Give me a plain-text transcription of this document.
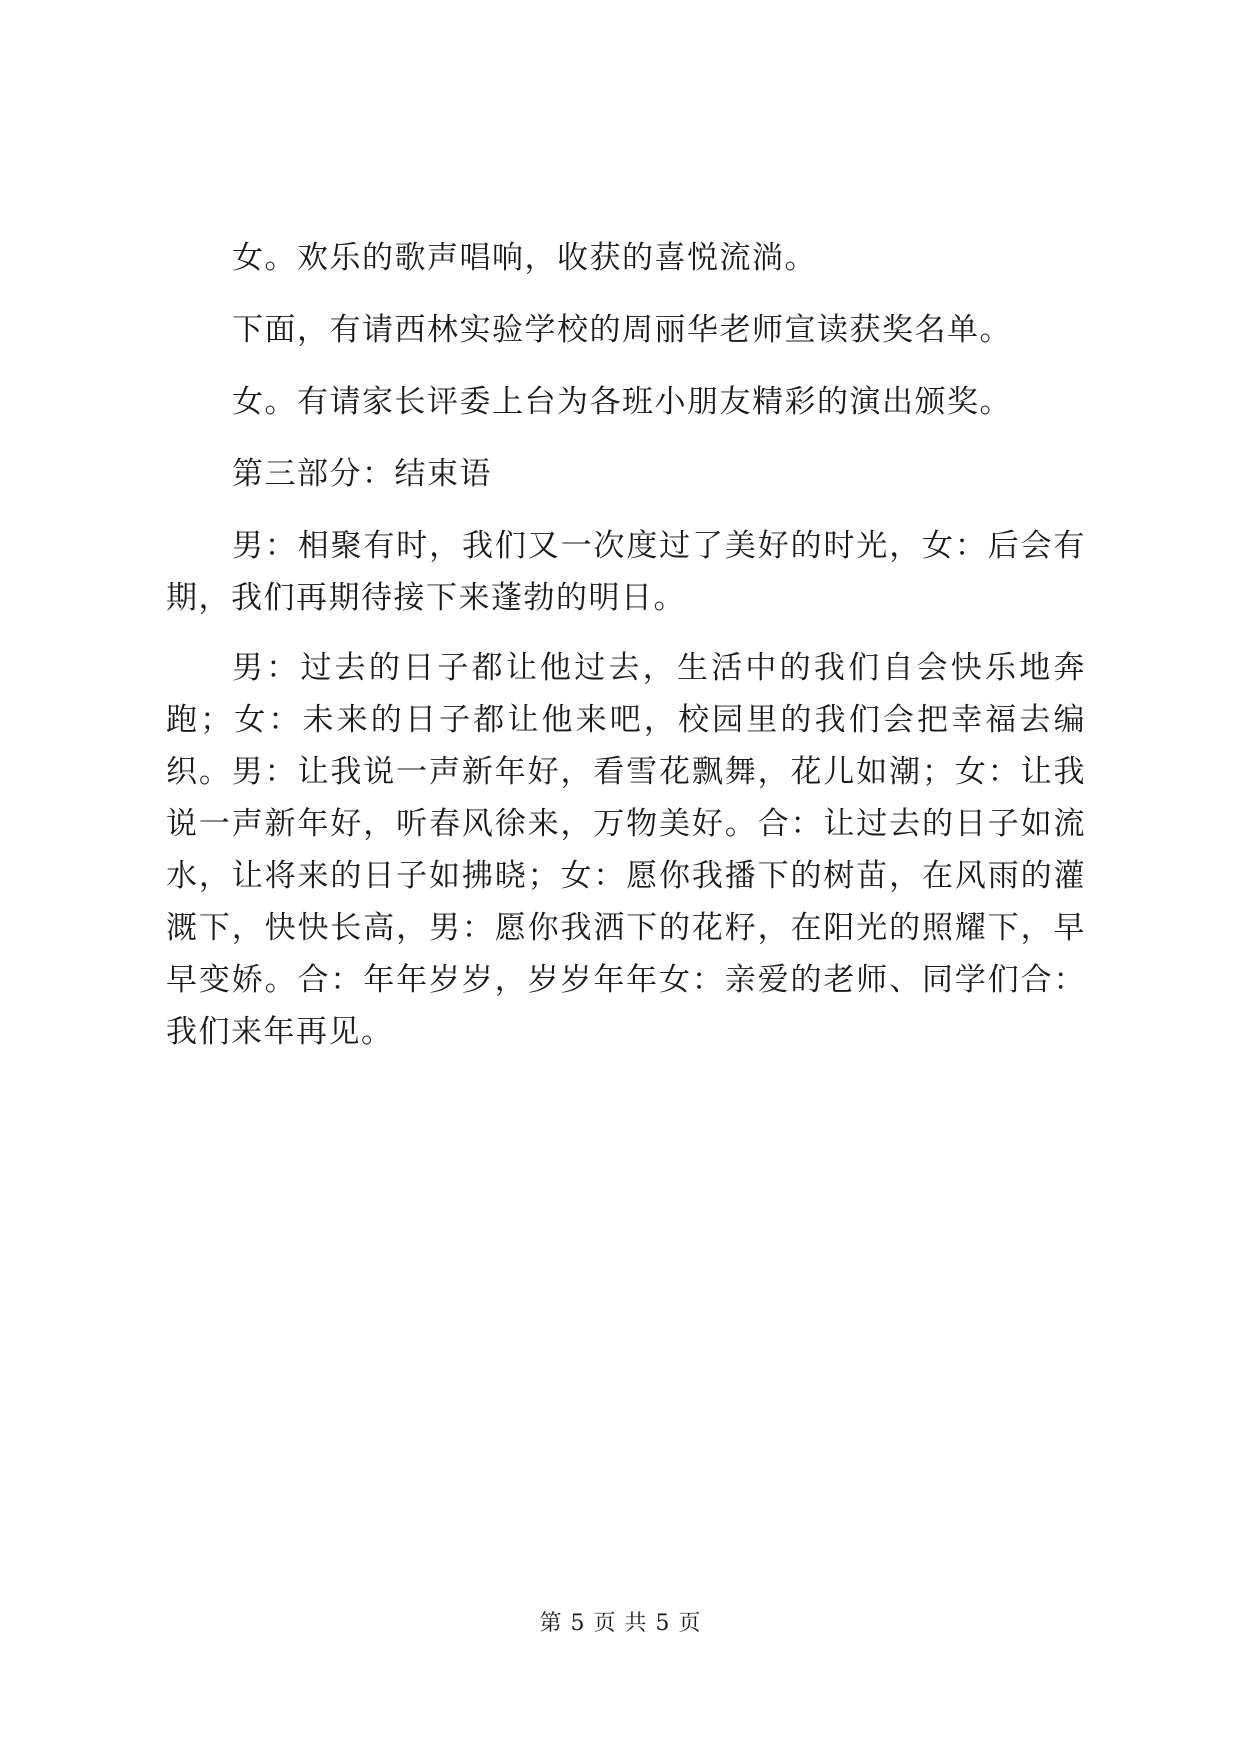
女。欢乐的歌声唱响，收获的喜悦流淌。

下面，有请西林实验学校的周丽华老师宣读获奖名单。

女。有请家长评委上台为各班小朋友精彩的演出颁奖。

第三部分：结束语

男：相聚有时，我们又一次度过了美好的时光，女：后会有期，我们再期待接下来蓬勃的明日。

男：过去的日子都让他过去，生活中的我们自会快乐地奔跑；女：未来的日子都让他来吧，校园里的我们会把幸福去编织。男：让我说一声新年好，看雪花飘舞，花儿如潮；女：让我说一声新年好，听春风徐来，万物美好。合：让过去的日子如流水，让将来的日子如拂晓；女：愿你我播下的树苗，在风雨的灌溉下，快快长高，男：愿你我洒下的花籽，在阳光的照耀下，早早变娇。合：年年岁岁，岁岁年年女：亲爱的老师、同学们合：我们来年再见。

第 5 页 共 5 页
